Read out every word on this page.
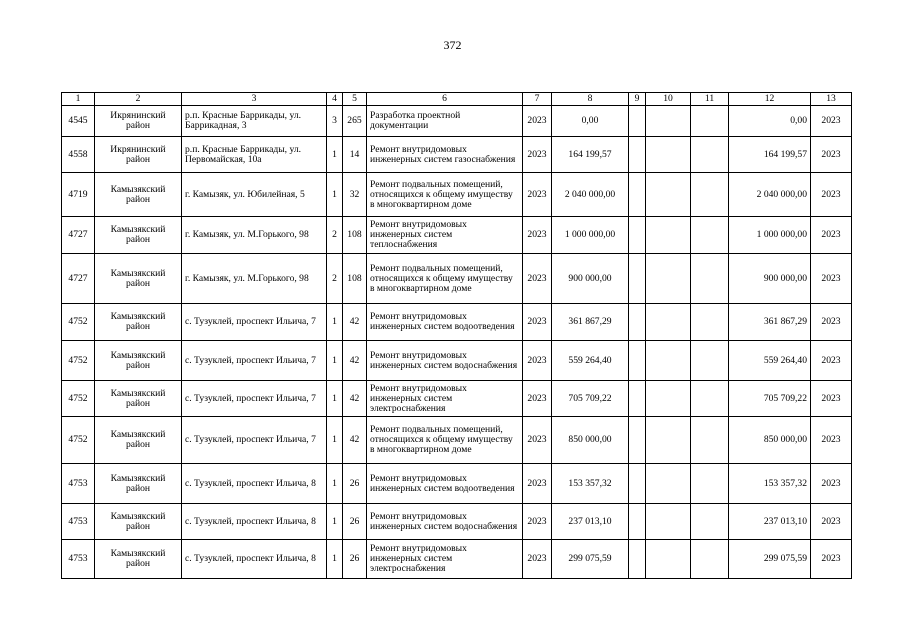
372
1	2	3	4	5	6	7	8	9	10	11	12	13
4545	Икрянинский район	р.п. Красные Баррикады, ул. Баррикадная, 3	3	265	Разработка проектной документации	2023	0,00				0,00	2023
4558	Икрянинский район	р.п. Красные Баррикады, ул. Первомайская, 10а	1	14	Ремонт внутридомовых инженерных систем газоснабжения	2023	164 199,57				164 199,57	2023
4719	Камызякский район	г. Камызяк, ул. Юбилейная, 5	1	32	Ремонт подвальных помещений, относящихся к общему имуществу в многоквартирном доме	2023	2 040 000,00				2 040 000,00	2023
4727	Камызякский район	г. Камызяк, ул. М.Горького, 98	2	108	Ремонт внутридомовых инженерных систем теплоснабжения	2023	1 000 000,00				1 000 000,00	2023
4727	Камызякский район	г. Камызяк, ул. М.Горького, 98	2	108	Ремонт подвальных помещений, относящихся к общему имуществу в многоквартирном доме	2023	900 000,00				900 000,00	2023
4752	Камызякский район	с. Тузуклей, проспект Ильича, 7	1	42	Ремонт внутридомовых инженерных систем водоотведения	2023	361 867,29				361 867,29	2023
4752	Камызякский район	с. Тузуклей, проспект Ильича, 7	1	42	Ремонт внутридомовых инженерных систем водоснабжения	2023	559 264,40				559 264,40	2023
4752	Камызякский район	с. Тузуклей, проспект Ильича, 7	1	42	Ремонт внутридомовых инженерных систем электроснабжения	2023	705 709,22				705 709,22	2023
4752	Камызякский район	с. Тузуклей, проспект Ильича, 7	1	42	Ремонт подвальных помещений, относящихся к общему имуществу в многоквартирном доме	2023	850 000,00				850 000,00	2023
4753	Камызякский район	с. Тузуклей, проспект Ильича, 8	1	26	Ремонт внутридомовых инженерных систем водоотведения	2023	153 357,32				153 357,32	2023
4753	Камызякский район	с. Тузуклей, проспект Ильича, 8	1	26	Ремонт внутридомовых инженерных систем водоснабжения	2023	237 013,10				237 013,10	2023
4753	Камызякский район	с. Тузуклей, проспект Ильича, 8	1	26	Ремонт внутридомовых инженерных систем электроснабжения	2023	299 075,59				299 075,59	2023
